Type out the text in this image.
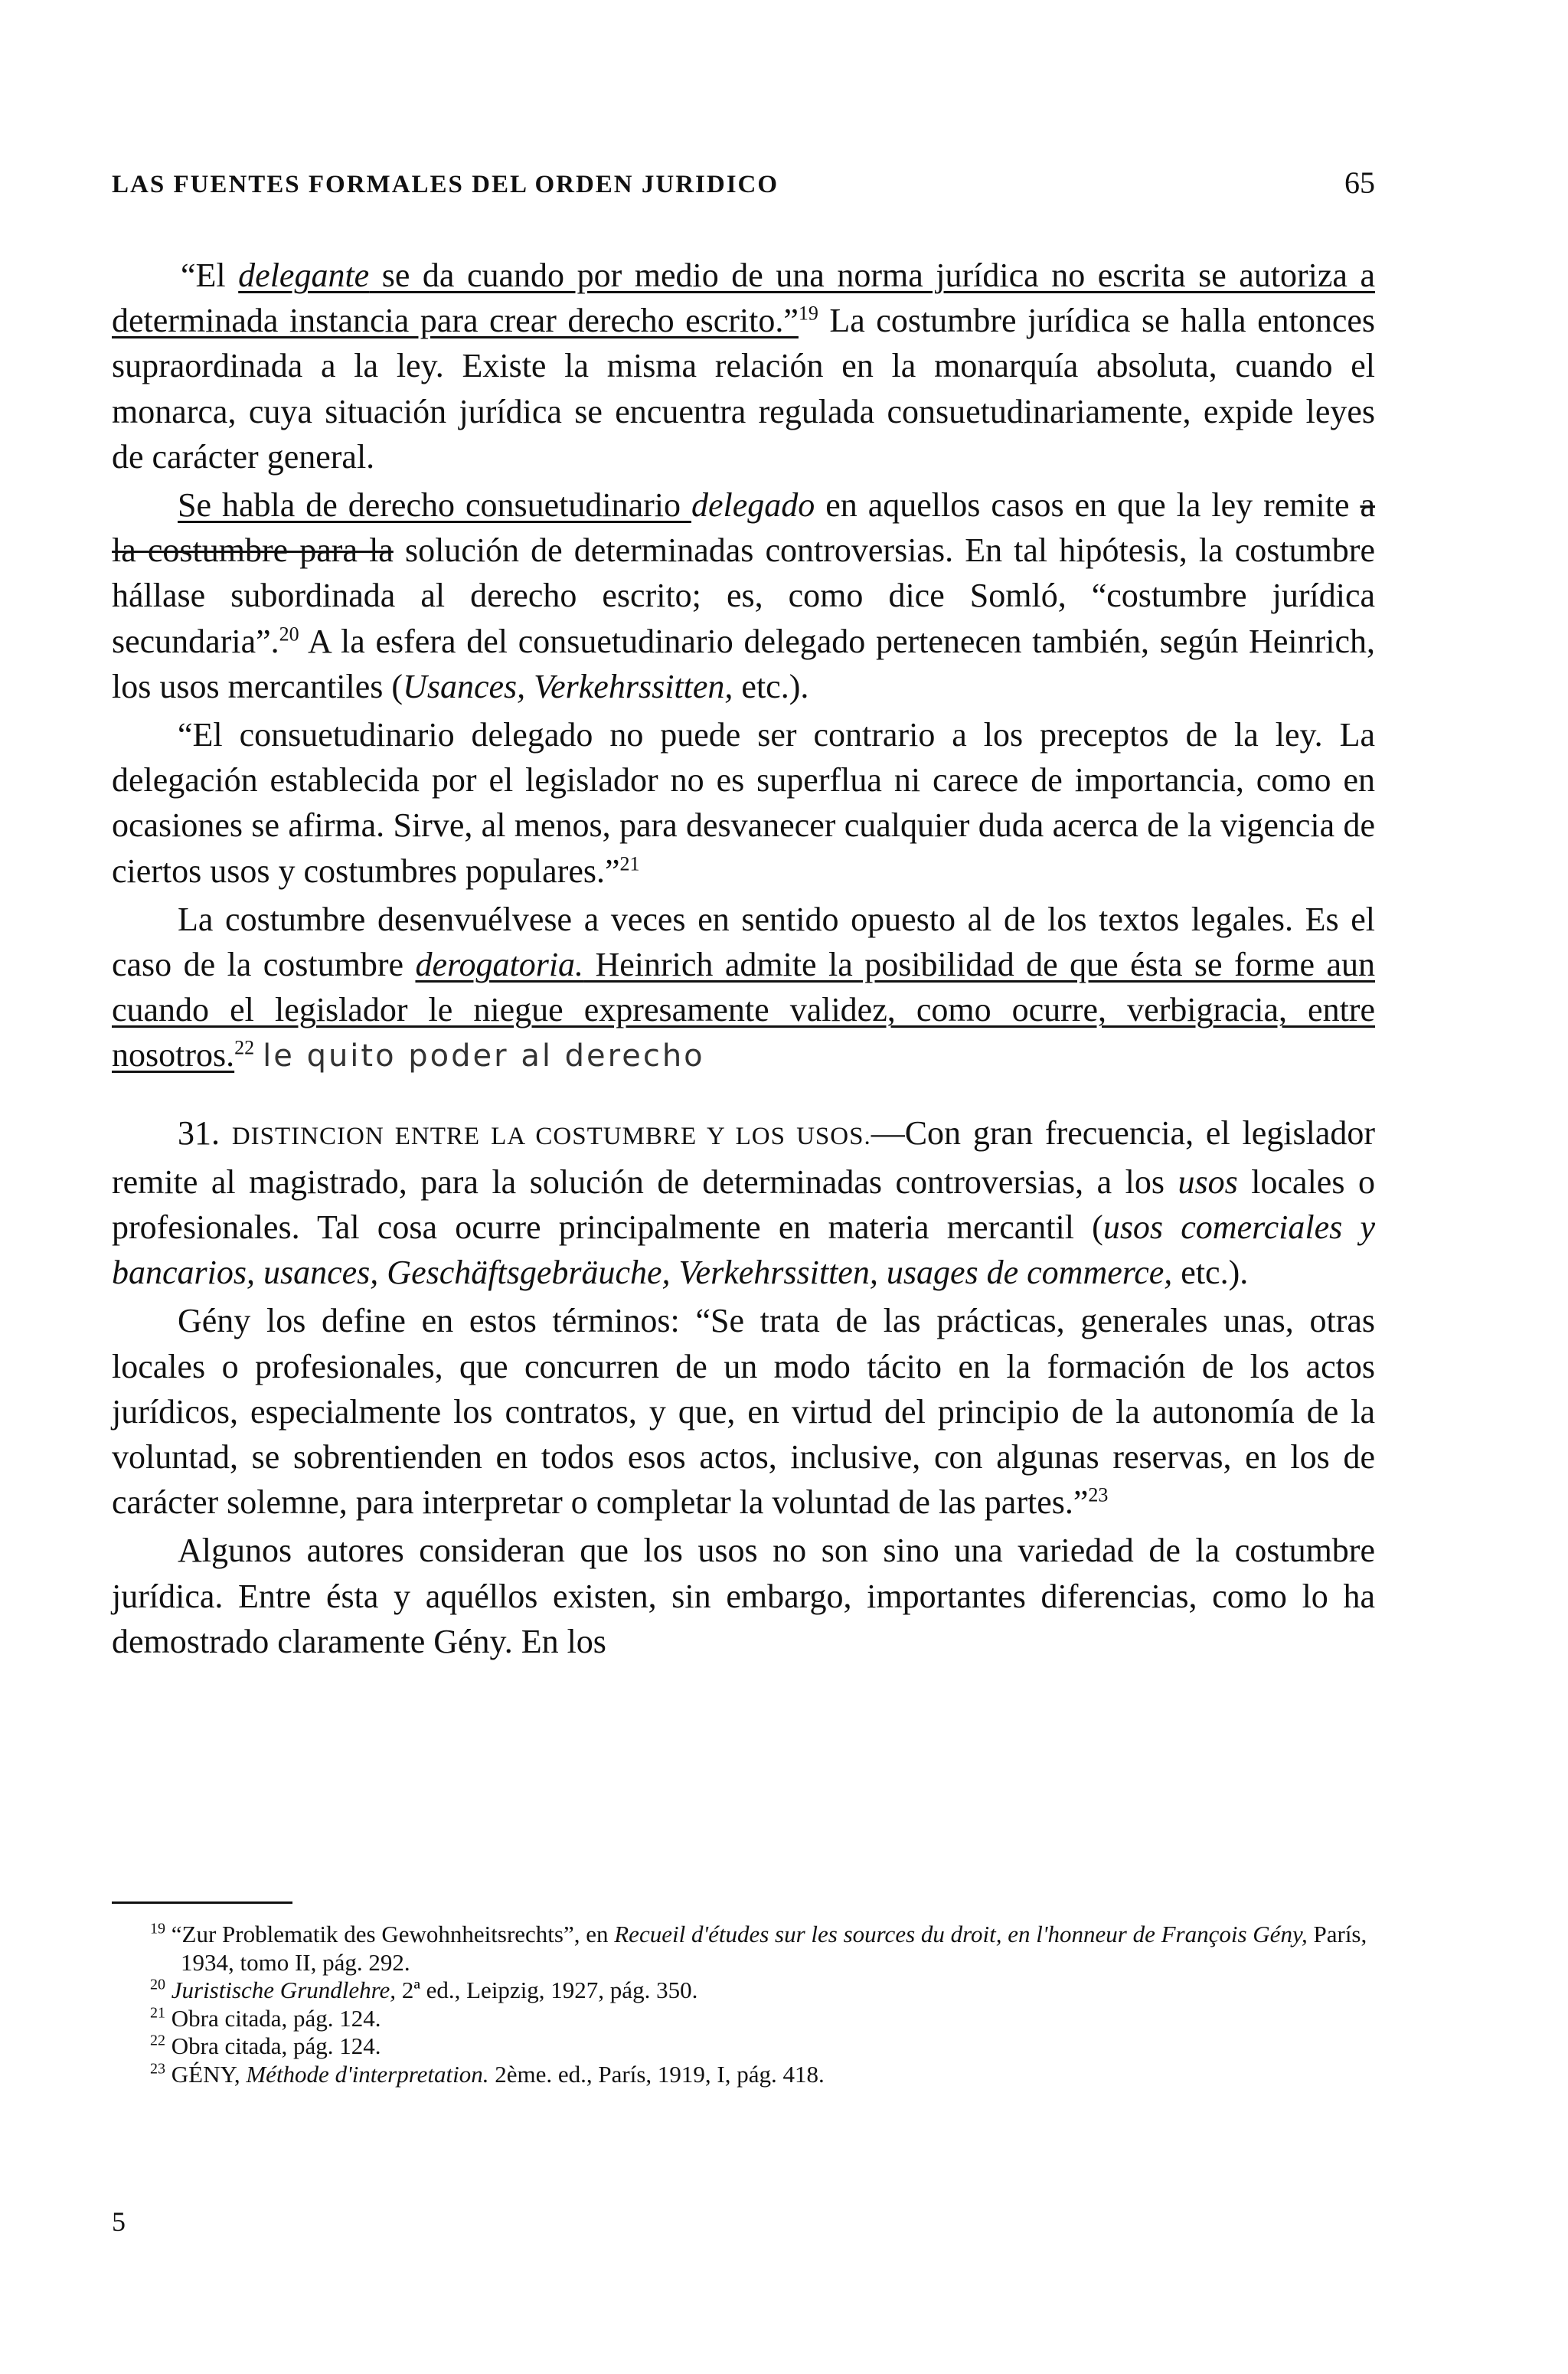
LAS FUENTES FORMALES DEL ORDEN JURIDICO	65

“El delegante se da cuando por medio de una norma jurídica no escrita se autoriza a determinada instancia para crear derecho escrito.”$^{19}$ La costumbre jurídica se halla entonces supraordinada a la ley. Existe la misma relación en la monarquía absoluta, cuando el monarca, cuya situación jurídica se encuentra regulada consuetudinariamente, expide leyes de carácter general.

Se habla de derecho consuetudinario delegado en aquellos casos en que la ley remite a la costumbre para la solución de determinadas controversias. En tal hipótesis, la costumbre hállase subordinada al derecho escrito; es, como dice Somló, “costumbre jurídica secundaria”.$^{20}$ A la esfera del consuetudinario delegado pertenecen también, según Heinrich, los usos mercantiles (Usances, Verkehrssitten, etc.).

“El consuetudinario delegado no puede ser contrario a los preceptos de la ley. La delegación establecida por el legislador no es superflua ni carece de importancia, como en ocasiones se afirma. Sirve, al menos, para desvanecer cualquier duda acerca de la vigencia de ciertos usos y costumbres populares.”$^{21}$

La costumbre desenvuélvese a veces en sentido opuesto al de los textos legales. Es el caso de la costumbre derogatoria. Heinrich admite la posibilidad de que ésta se forme aun cuando el legislador le niegue expresamente validez, como ocurre, verbigracia, entre nosotros.$^{22}$ le quito poder al derecho

31. DISTINCION ENTRE LA COSTUMBRE Y LOS USOS.—Con gran frecuencia, el legislador remite al magistrado, para la solución de determinadas controversias, a los usos locales o profesionales. Tal cosa ocurre principalmente en materia mercantil (usos comerciales y bancarios, usances, Geschäftsgebräuche, Verkehrssitten, usages de commerce, etc.).

Gény los define en estos términos: “Se trata de las prácticas, generales unas, otras locales o profesionales, que concurren de un modo tácito en la formación de los actos jurídicos, especialmente los contratos, y que, en virtud del principio de la autonomía de la voluntad, se sobrentienden en todos esos actos, inclusive, con algunas reservas, en los de carácter solemne, para interpretar o completar la voluntad de las partes.”$^{23}$

Algunos autores consideran que los usos no son sino una variedad de la costumbre jurídica. Entre ésta y aquéllos existen, sin embargo, importantes diferencias, como lo ha demostrado claramente Gény. En los

$^{19}$ “Zur Problematik des Gewohnheitsrechts”, en Recueil d'études sur les sources du droit, en l'honneur de François Gény, París, 1934, tomo II, pág. 292.

$^{20}$ Juristische Grundlehre, 2ª ed., Leipzig, 1927, pág. 350.

$^{21}$ Obra citada, pág. 124.

$^{22}$ Obra citada, pág. 124.

$^{23}$ GÉNY, Méthode d'interpretation. 2ème. ed., París, 1919, I, pág. 418.

5
